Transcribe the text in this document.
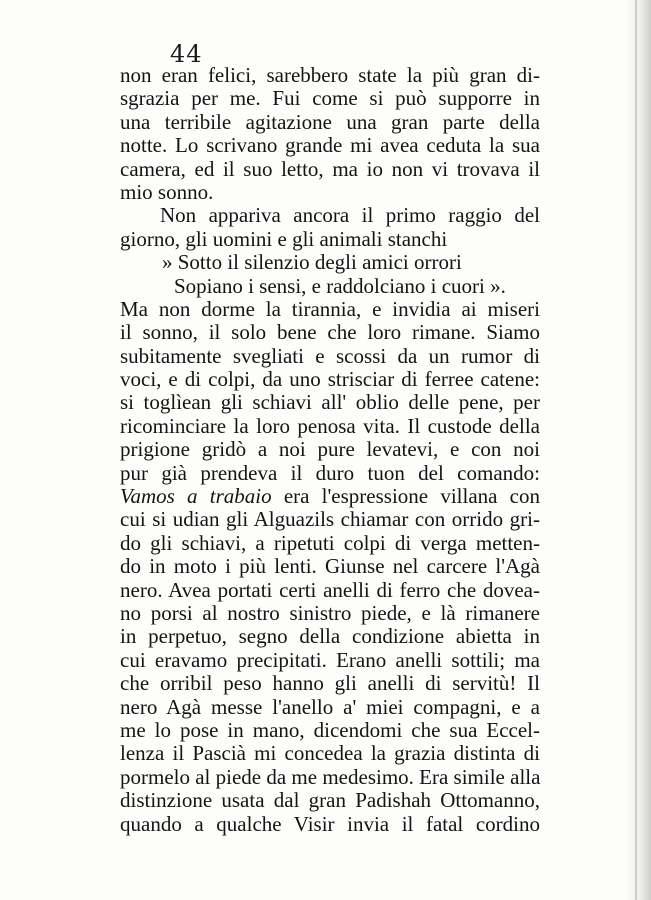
44
non eran felici, sarebbero state la più gran di-
sgrazia per me. Fui come si può supporre in
una terribile agitazione una gran parte della
notte. Lo scrivano grande mi avea ceduta la sua
camera, ed il suo letto, ma io non vi trovava il
mio sonno.
Non appariva ancora il primo raggio del
giorno, gli uomini e gli animali stanchi
» Sotto il silenzio degli amici orrori
Sopiano i sensi, e raddolciano i cuori ».
Ma non dorme la tirannia, e invidia ai miseri
il sonno, il solo bene che loro rimane. Siamo
subitamente svegliati e scossi da un rumor di
voci, e di colpi, da uno strisciar di ferree catene:
si toglìean gli schiavi all' oblio delle pene, per
ricominciare la loro penosa vita. Il custode della
prigione gridò a noi pure levatevi, e con noi
pur già prendeva il duro tuon del comando:
Vamos a trabaio era l'espressione villana con
cui si udian gli Alguazils chiamar con orrido gri-
do gli schiavi, a ripetuti colpi di verga metten-
do in moto i più lenti. Giunse nel carcere l'Agà
nero. Avea portati certi anelli di ferro che dovea-
no porsi al nostro sinistro piede, e là rimanere
in perpetuo, segno della condizione abietta in
cui eravamo precipitati. Erano anelli sottili; ma
che orribil peso hanno gli anelli di servitù! Il
nero Agà messe l'anello a' miei compagni, e a
me lo pose in mano, dicendomi che sua Eccel-
lenza il Pascià mi concedea la grazia distinta di
pormelo al piede da me medesimo. Era simile alla
distinzione usata dal gran Padishah Ottomanno,
quando a qualche Visir invia il fatal cordino
